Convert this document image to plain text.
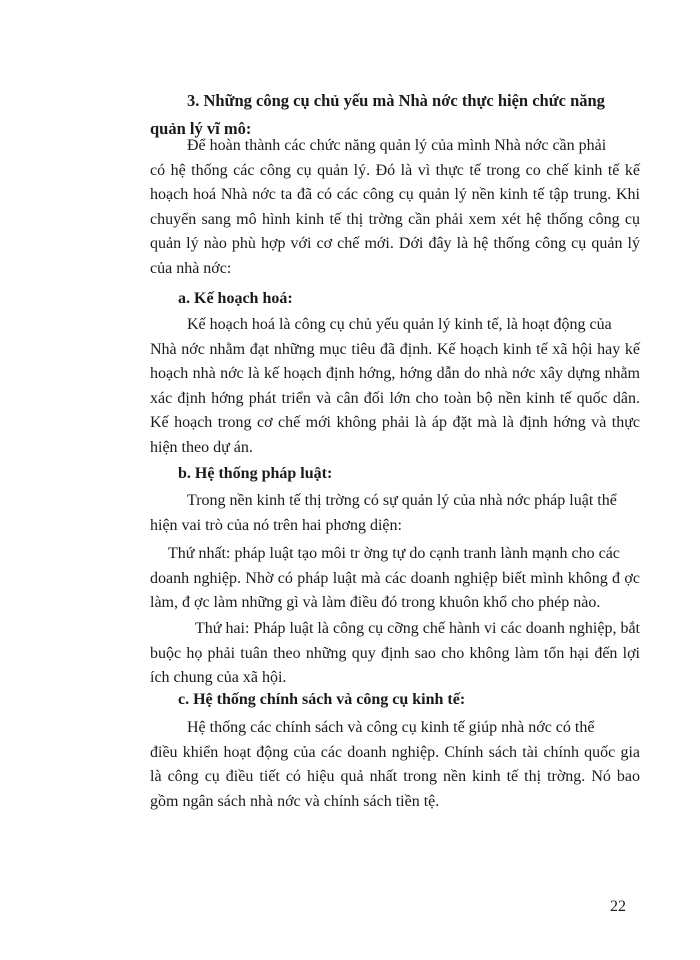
3. Những công cụ chủ yếu mà Nhà nớc thực hiện chức năng
quản lý vĩ mô:
Để hoàn thành các chức năng quản lý của mình Nhà nớc cần phải
có hệ thống các công cụ quản lý. Đó là vì thực tế trong co chế kinh tế kế hoạch hoá Nhà nớc ta đã có các công cụ quản lý nền kinh tế tập trung. Khi chuyển sang mô hình kinh tế thị trờng cần phải xem xét hệ thống công cụ quản lý nào phù hợp với cơ chế mới. Dới đây là hệ thống công cụ quản lý của nhà nớc:
a. Kế hoạch hoá:
Kế hoạch hoá là công cụ chủ yếu quản lý kinh tế, là hoạt động của
Nhà nớc nhằm đạt những mục tiêu đã định. Kế hoạch kinh tế xã hội hay kế hoạch nhà nớc là kế hoạch định hớng, hớng dẫn do nhà nớc xây dựng nhằm xác định hớng phát triển và cân đối lớn cho toàn bộ nền kinh tế quốc dân. Kế hoạch trong cơ chế mới không phải là áp đặt mà là định hớng và thực hiện theo dự án.
b. Hệ thống pháp luật:
Trong nền kinh tế thị trờng có sự quản lý của nhà nớc pháp luật thể
hiện vai trò của nó trên hai phơng diện:
Thứ nhất: pháp luật tạo môi tr ờng tự do cạnh tranh lành mạnh cho các
doanh nghiệp. Nhờ có pháp luật mà các doanh nghiệp biết mình không đ ợc làm, đ ợc làm những gì và làm điều đó trong khuôn khổ cho phép nào.
Thứ hai: Pháp luật là công cụ cỡng chế hành vi các doanh nghiệp, bắt
buộc họ phải tuân theo những quy định sao cho không làm tổn hại đến lợi ích chung của xã hội.
c. Hệ thống chính sách và công cụ kinh tế:
Hệ thống các chính sách và công cụ kinh tế giúp nhà nớc có thể
điều khiển hoạt động của các doanh nghiệp. Chính sách tài chính quốc gia là công cụ điều tiết có hiệu quả nhất trong nền kinh tế thị trờng. Nó bao gồm ngân sách nhà nớc và chính sách tiền tệ.
22
